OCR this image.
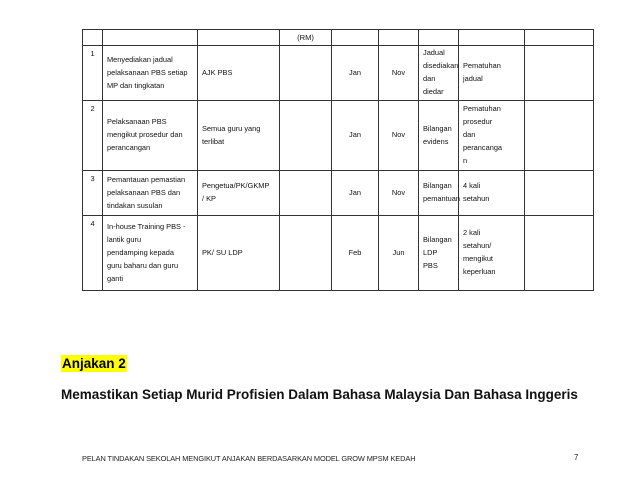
			(RM)					
1	Menyediakan jadual
pelaksanaan PBS setiap
MP dan tingkatan	AJK PBS		Jan	Nov	Jadual
disediakan
dan diedar	Pematuhan
jadual	

2	Pelaksanaan PBS
mengikut prosedur dan
perancangan	Semua guru yang
terlibat		Jan	Nov	Bilangan
evidens	Pematuhan
prosedur
dan
perancanga
n	

3	Pemantauan pemastian
pelaksanaan PBS dan
tindakan susulan	Pengetua/PK/GKMP
/ KP		Jan	Nov	Bilangan
pemantuan	4 kali
setahun	

4	In-house Training PBS -
lantik guru
pendamping kepada
guru baharu dan guru
ganti	PK/ SU LDP		Feb	Jun	Bilangan LDP
PBS	2 kali
setahun/
mengikut
keperluan	

Anjakan 2

Memastikan Setiap Murid Profisien Dalam Bahasa Malaysia Dan Bahasa Inggeris

PELAN TINDAKAN SEKOLAH MENGIKUT ANJAKAN BERDASARKAN MODEL GROW MPSM KEDAH	7
